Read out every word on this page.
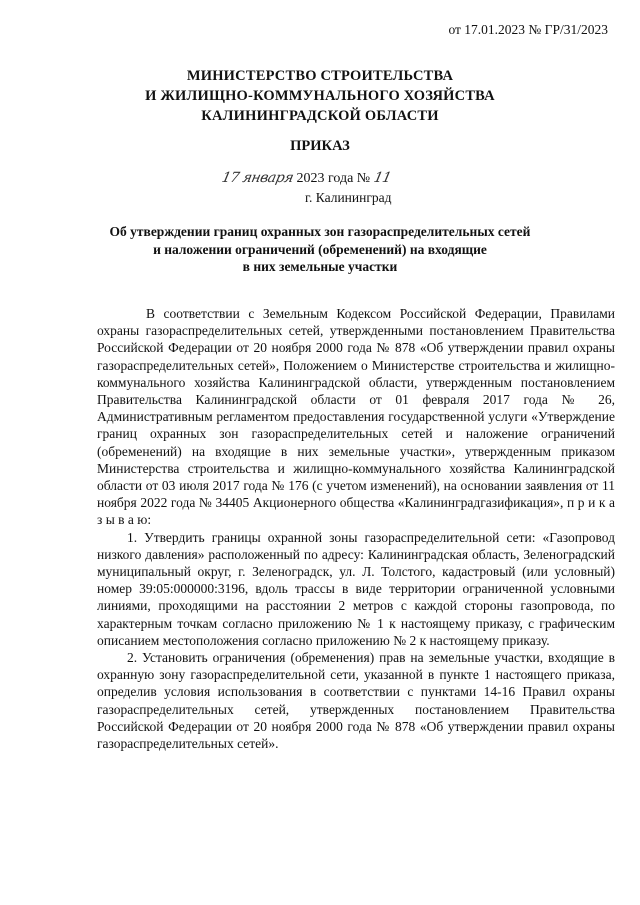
от 17.01.2023 № ГР/31/2023
МИНИСТЕРСТВО СТРОИТЕЛЬСТВА
И ЖИЛИЩНО-КОММУНАЛЬНОГО ХОЗЯЙСТВА
КАЛИНИНГРАДСКОЙ ОБЛАСТИ
ПРИКАЗ
17 января 2023 года № 11
г. Калининград
Об утверждении границ охранных зон газораспределительных сетей
и наложении ограничений (обременений) на входящие
в них земельные участки

В соответствии с Земельным Кодексом Российской Федерации, Правилами охраны газораспределительных сетей, утвержденными постановлением Правительства Российской Федерации от 20 ноября 2000 года № 878 «Об утверждении правил охраны газораспределительных сетей», Положением о Министерстве строительства и жилищно-коммунального хозяйства Калининградской области, утвержденным постановлением Правительства Калининградской области от 01 февраля 2017 года № 26, Административным регламентом предоставления государственной услуги «Утверждение границ охранных зон газораспределительных сетей и наложение ограничений (обременений) на входящие в них земельные участки», утвержденным приказом Министерства строительства и жилищно-коммунального хозяйства Калининградской области от 03 июля 2017 года № 176 (с учетом изменений), на основании заявления от 11 ноября 2022 года № 34405 Акционерного общества «Калининградгазификация», п р и к а з ы в а ю:

1. Утвердить границы охранной зоны газораспределительной сети: «Газопровод низкого давления» расположенный по адресу: Калининградская область, Зеленоградский муниципальный округ, г. Зеленоградск, ул. Л. Толстого, кадастровый (или условный) номер 39:05:000000:3196, вдоль трассы в виде территории ограниченной условными линиями, проходящими на расстоянии 2 метров с каждой стороны газопровода, по характерным точкам согласно приложению № 1 к настоящему приказу, с графическим описанием местоположения согласно приложению № 2 к настоящему приказу.

2. Установить ограничения (обременения) прав на земельные участки, входящие в охранную зону газораспределительной сети, указанной в пункте 1 настоящего приказа, определив условия использования в соответствии с пунктами 14-16 Правил охраны газораспределительных сетей, утвержденных постановлением Правительства Российской Федерации от 20 ноября 2000 года № 878 «Об утверждении правил охраны газораспределительных сетей».
